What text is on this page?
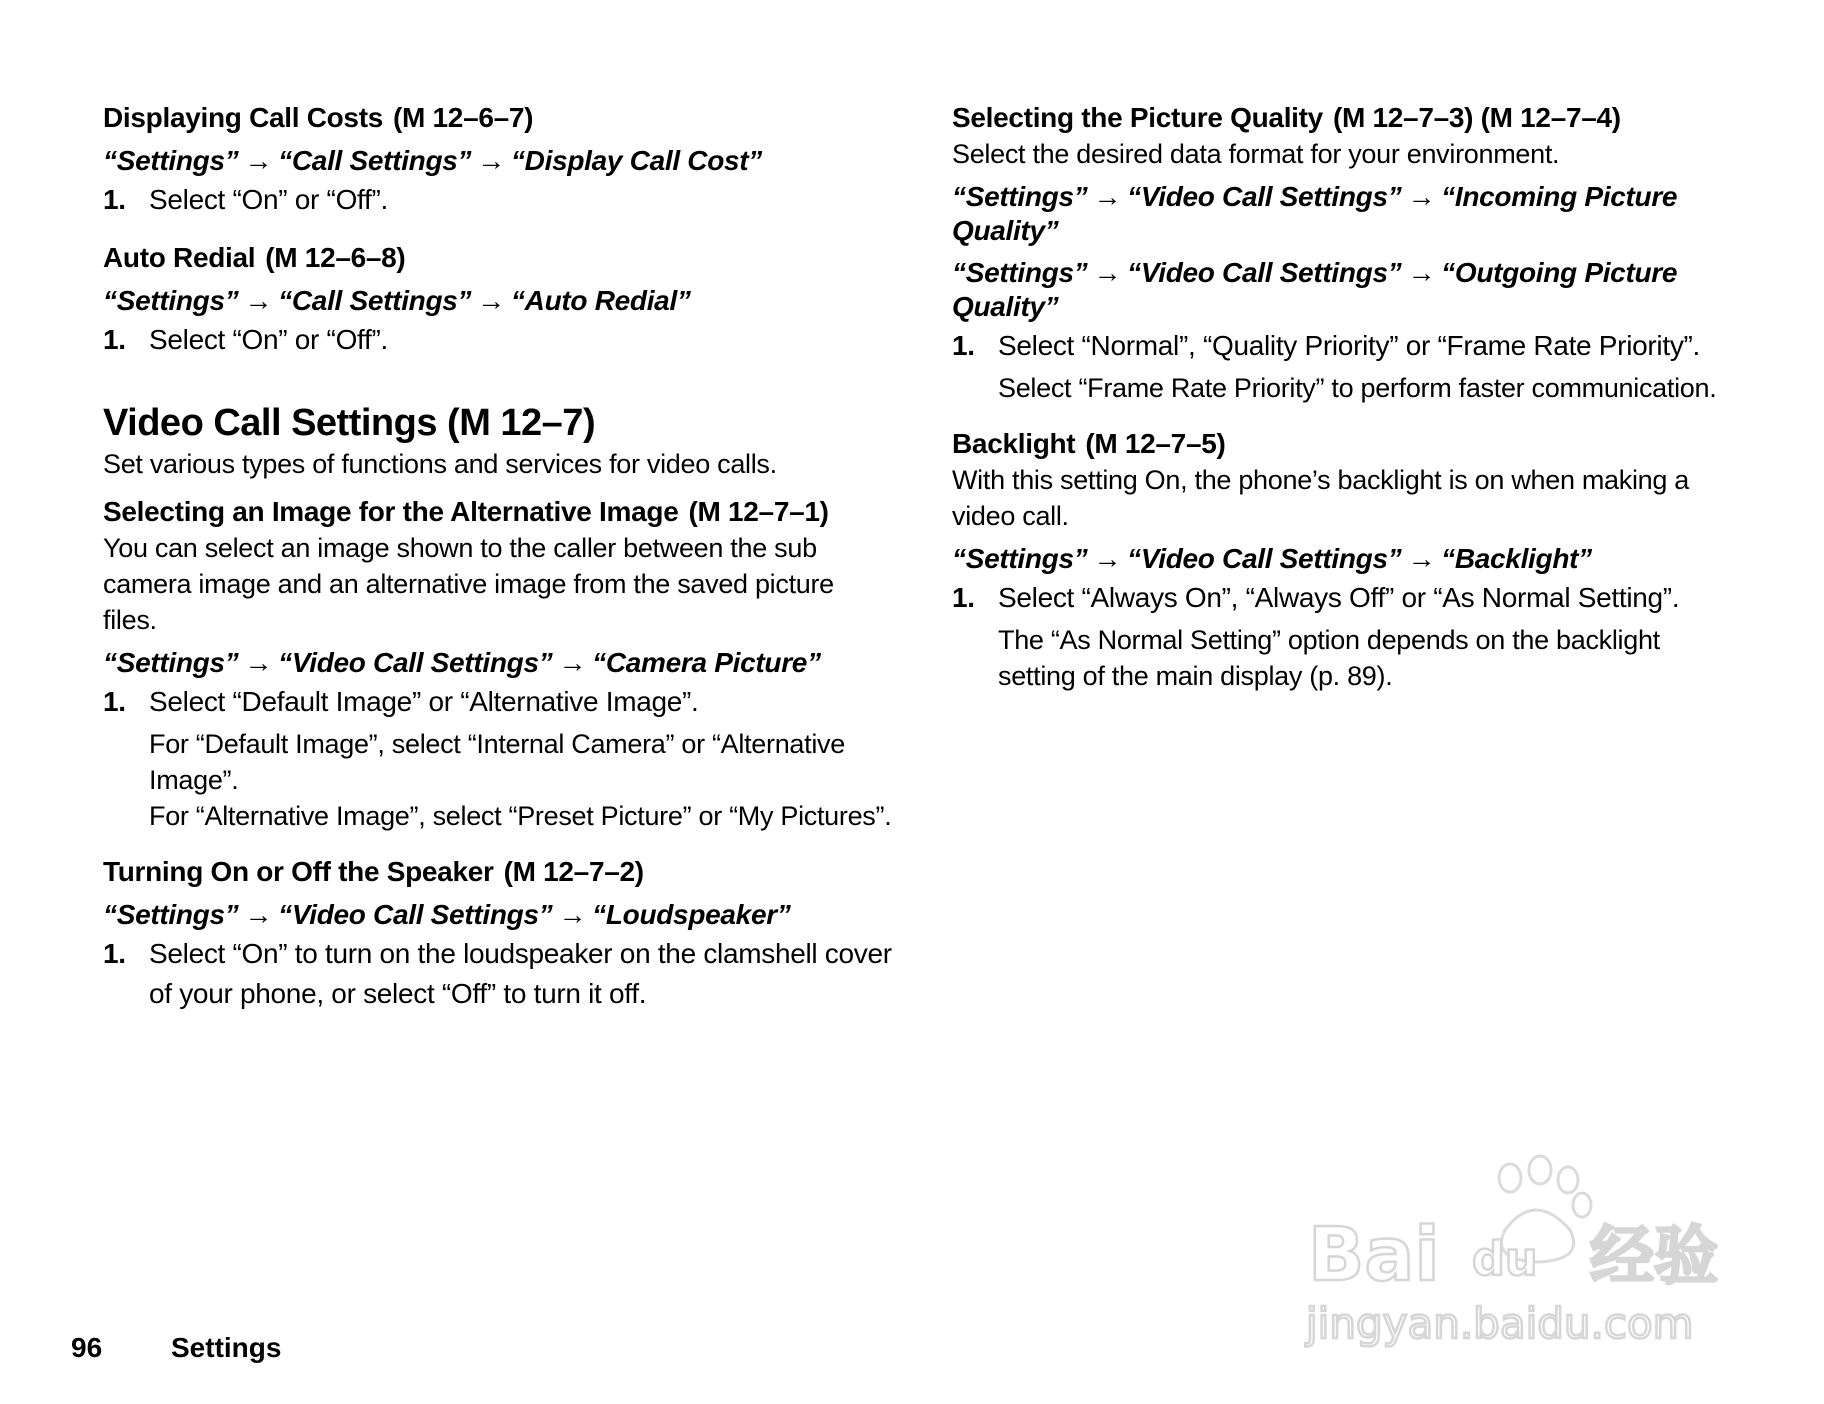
Displaying Call Costs (M 12–6–7)
“Settings” → “Call Settings” → “Display Call Cost”
1. Select “On” or “Off”.
Auto Redial (M 12–6–8)
“Settings” → “Call Settings” → “Auto Redial”
1. Select “On” or “Off”.
Video Call Settings (M 12–7)
Set various types of functions and services for video calls.
Selecting an Image for the Alternative Image (M 12–7–1)
You can select an image shown to the caller between the sub camera image and an alternative image from the saved picture files.
“Settings” → “Video Call Settings” → “Camera Picture”
1. Select “Default Image” or “Alternative Image”.
For “Default Image”, select “Internal Camera” or “Alternative Image”.
For “Alternative Image”, select “Preset Picture” or “My Pictures”.
Turning On or Off the Speaker (M 12–7–2)
“Settings” → “Video Call Settings” → “Loudspeaker”
1. Select “On” to turn on the loudspeaker on the clamshell cover of your phone, or select “Off” to turn it off.
Selecting the Picture Quality (M 12–7–3) (M 12–7–4)
Select the desired data format for your environment.
“Settings” → “Video Call Settings” → “Incoming Picture Quality”
“Settings” → “Video Call Settings” → “Outgoing Picture Quality”
1. Select “Normal”, “Quality Priority” or “Frame Rate Priority”.
Select “Frame Rate Priority” to perform faster communication.
Backlight (M 12–7–5)
With this setting On, the phone’s backlight is on when making a video call.
“Settings” → “Video Call Settings” → “Backlight”
1. Select “Always On”, “Always Off” or “As Normal Setting”.
The “As Normal Setting” option depends on the backlight setting of the main display (p. 89).
96 Settings
Bai du 经验
jingyan.baidu.com
